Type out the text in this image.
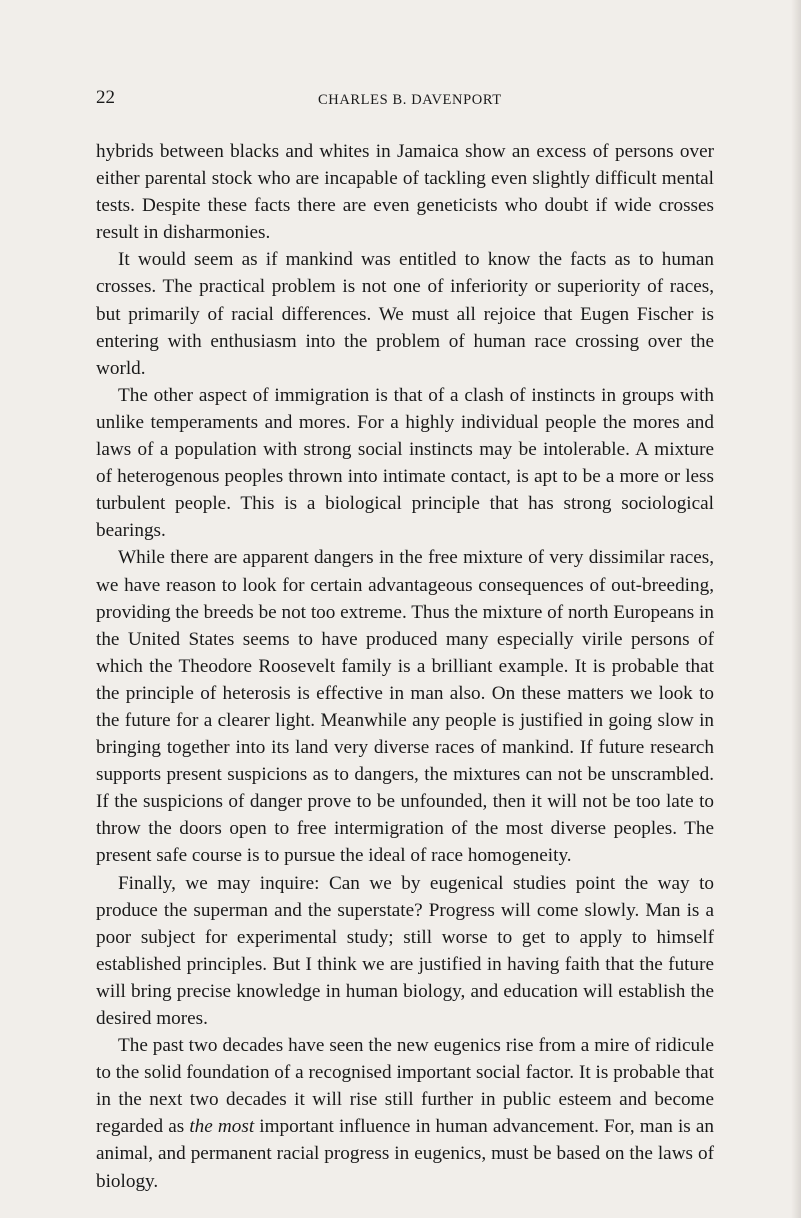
22	CHARLES B. DAVENPORT

hybrids between blacks and whites in Jamaica show an excess of persons over either parental stock who are incapable of tackling even slightly difficult mental tests. Despite these facts there are even geneticists who doubt if wide crosses result in disharmonies.

It would seem as if mankind was entitled to know the facts as to human crosses. The practical problem is not one of inferiority or superiority of races, but primarily of racial differences. We must all rejoice that Eugen Fischer is entering with enthusiasm into the problem of human race crossing over the world.

The other aspect of immigration is that of a clash of instincts in groups with unlike temperaments and mores. For a highly individual people the mores and laws of a population with strong social instincts may be intolerable. A mixture of heterogenous peoples thrown into intimate contact, is apt to be a more or less turbulent people. This is a biological principle that has strong sociological bearings.

While there are apparent dangers in the free mixture of very dissimilar races, we have reason to look for certain advantageous consequences of out-breeding, providing the breeds be not too extreme. Thus the mixture of north Europeans in the United States seems to have produced many especially virile persons of which the Theodore Roosevelt family is a brilliant example. It is probable that the principle of heterosis is effective in man also. On these matters we look to the future for a clearer light. Meanwhile any people is justified in going slow in bringing together into its land very diverse races of mankind. If future research supports present suspicions as to dangers, the mixtures can not be unscrambled. If the suspicions of danger prove to be unfounded, then it will not be too late to throw the doors open to free intermigration of the most diverse peoples. The present safe course is to pursue the ideal of race homogeneity.

Finally, we may inquire: Can we by eugenical studies point the way to produce the superman and the superstate? Progress will come slowly. Man is a poor subject for experimental study; still worse to get to apply to himself established principles. But I think we are justified in having faith that the future will bring precise knowledge in human biology, and education will establish the desired mores.

The past two decades have seen the new eugenics rise from a mire of ridicule to the solid foundation of a recognised important social factor. It is probable that in the next two decades it will rise still further in public esteem and become regarded as the most important influence in human advancement. For, man is an animal, and permanent racial progress in eugenics, must be based on the laws of biology.
